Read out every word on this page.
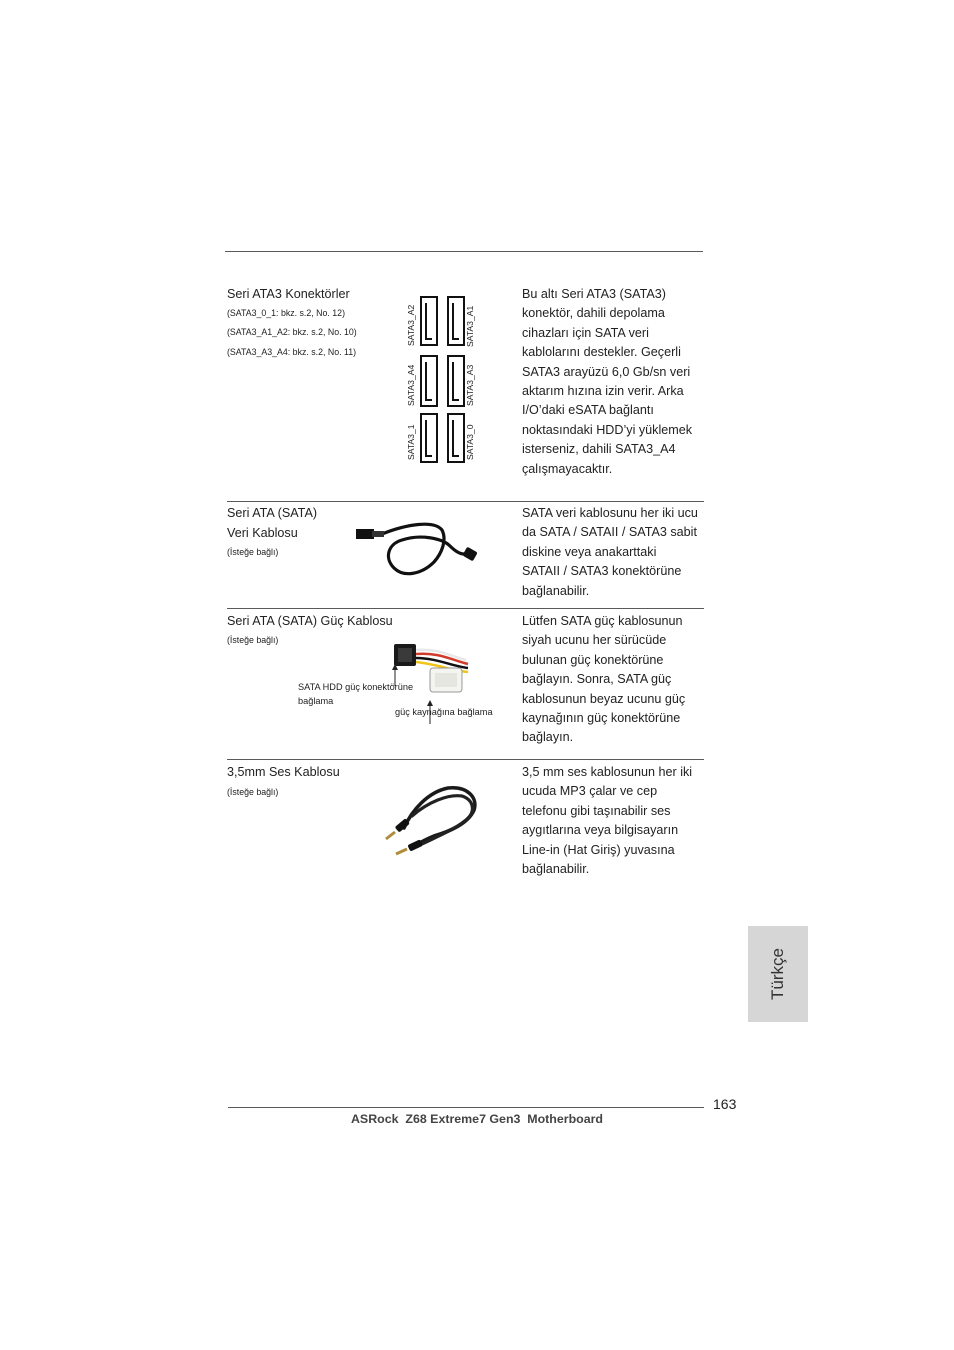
Seri ATA3 Konektörler
(SATA3_0_1: bkz. s.2, No. 12)
(SATA3_A1_A2: bkz. s.2, No. 10)
(SATA3_A3_A4: bkz. s.2, No. 11)
SATA3_A2	SATA3_A1
SATA3_A4	SATA3_A3
SATA3_1	SATA3_0
Bu altı Seri ATA3 (SATA3)
konektör, dahili depolama
cihazları için SATA veri
kablolarını destekler. Geçerli
SATA3 arayüzü 6,0 Gb/sn veri
aktarım hızına izin verir. Arka
I/O’daki eSATA bağlantı
noktasındaki HDD’yi yüklemek
isterseniz, dahili SATA3_A4
çalışmayacaktır.
Seri ATA (SATA)
Veri Kablosu
(İsteğe bağlı)
SATA veri kablosunu her iki ucu
da SATA / SATAII / SATA3 sabit
diskine veya anakarttaki
SATAII / SATA3 konektörüne
bağlanabilir.
Seri ATA (SATA) Güç Kablosu
(İsteğe bağlı)
SATA HDD güç konektörüne
bağlama
güç kaynağına bağlama
Lütfen SATA güç kablosunun
siyah ucunu her sürücüde
bulunan güç konektörüne
bağlayın. Sonra, SATA güç
kablosunun beyaz ucunu güç
kaynağının güç konektörüne
bağlayın.
3,5mm Ses Kablosu
(İsteğe bağlı)
3,5 mm ses kablosunun her iki
ucuda MP3 çalar ve cep
telefonu gibi taşınabilir ses
aygıtlarına veya bilgisayarın
Line-in (Hat Giriş) yuvasına
bağlanabilir.
Türkçe
163
ASRock  Z68 Extreme7 Gen3  Motherboard
